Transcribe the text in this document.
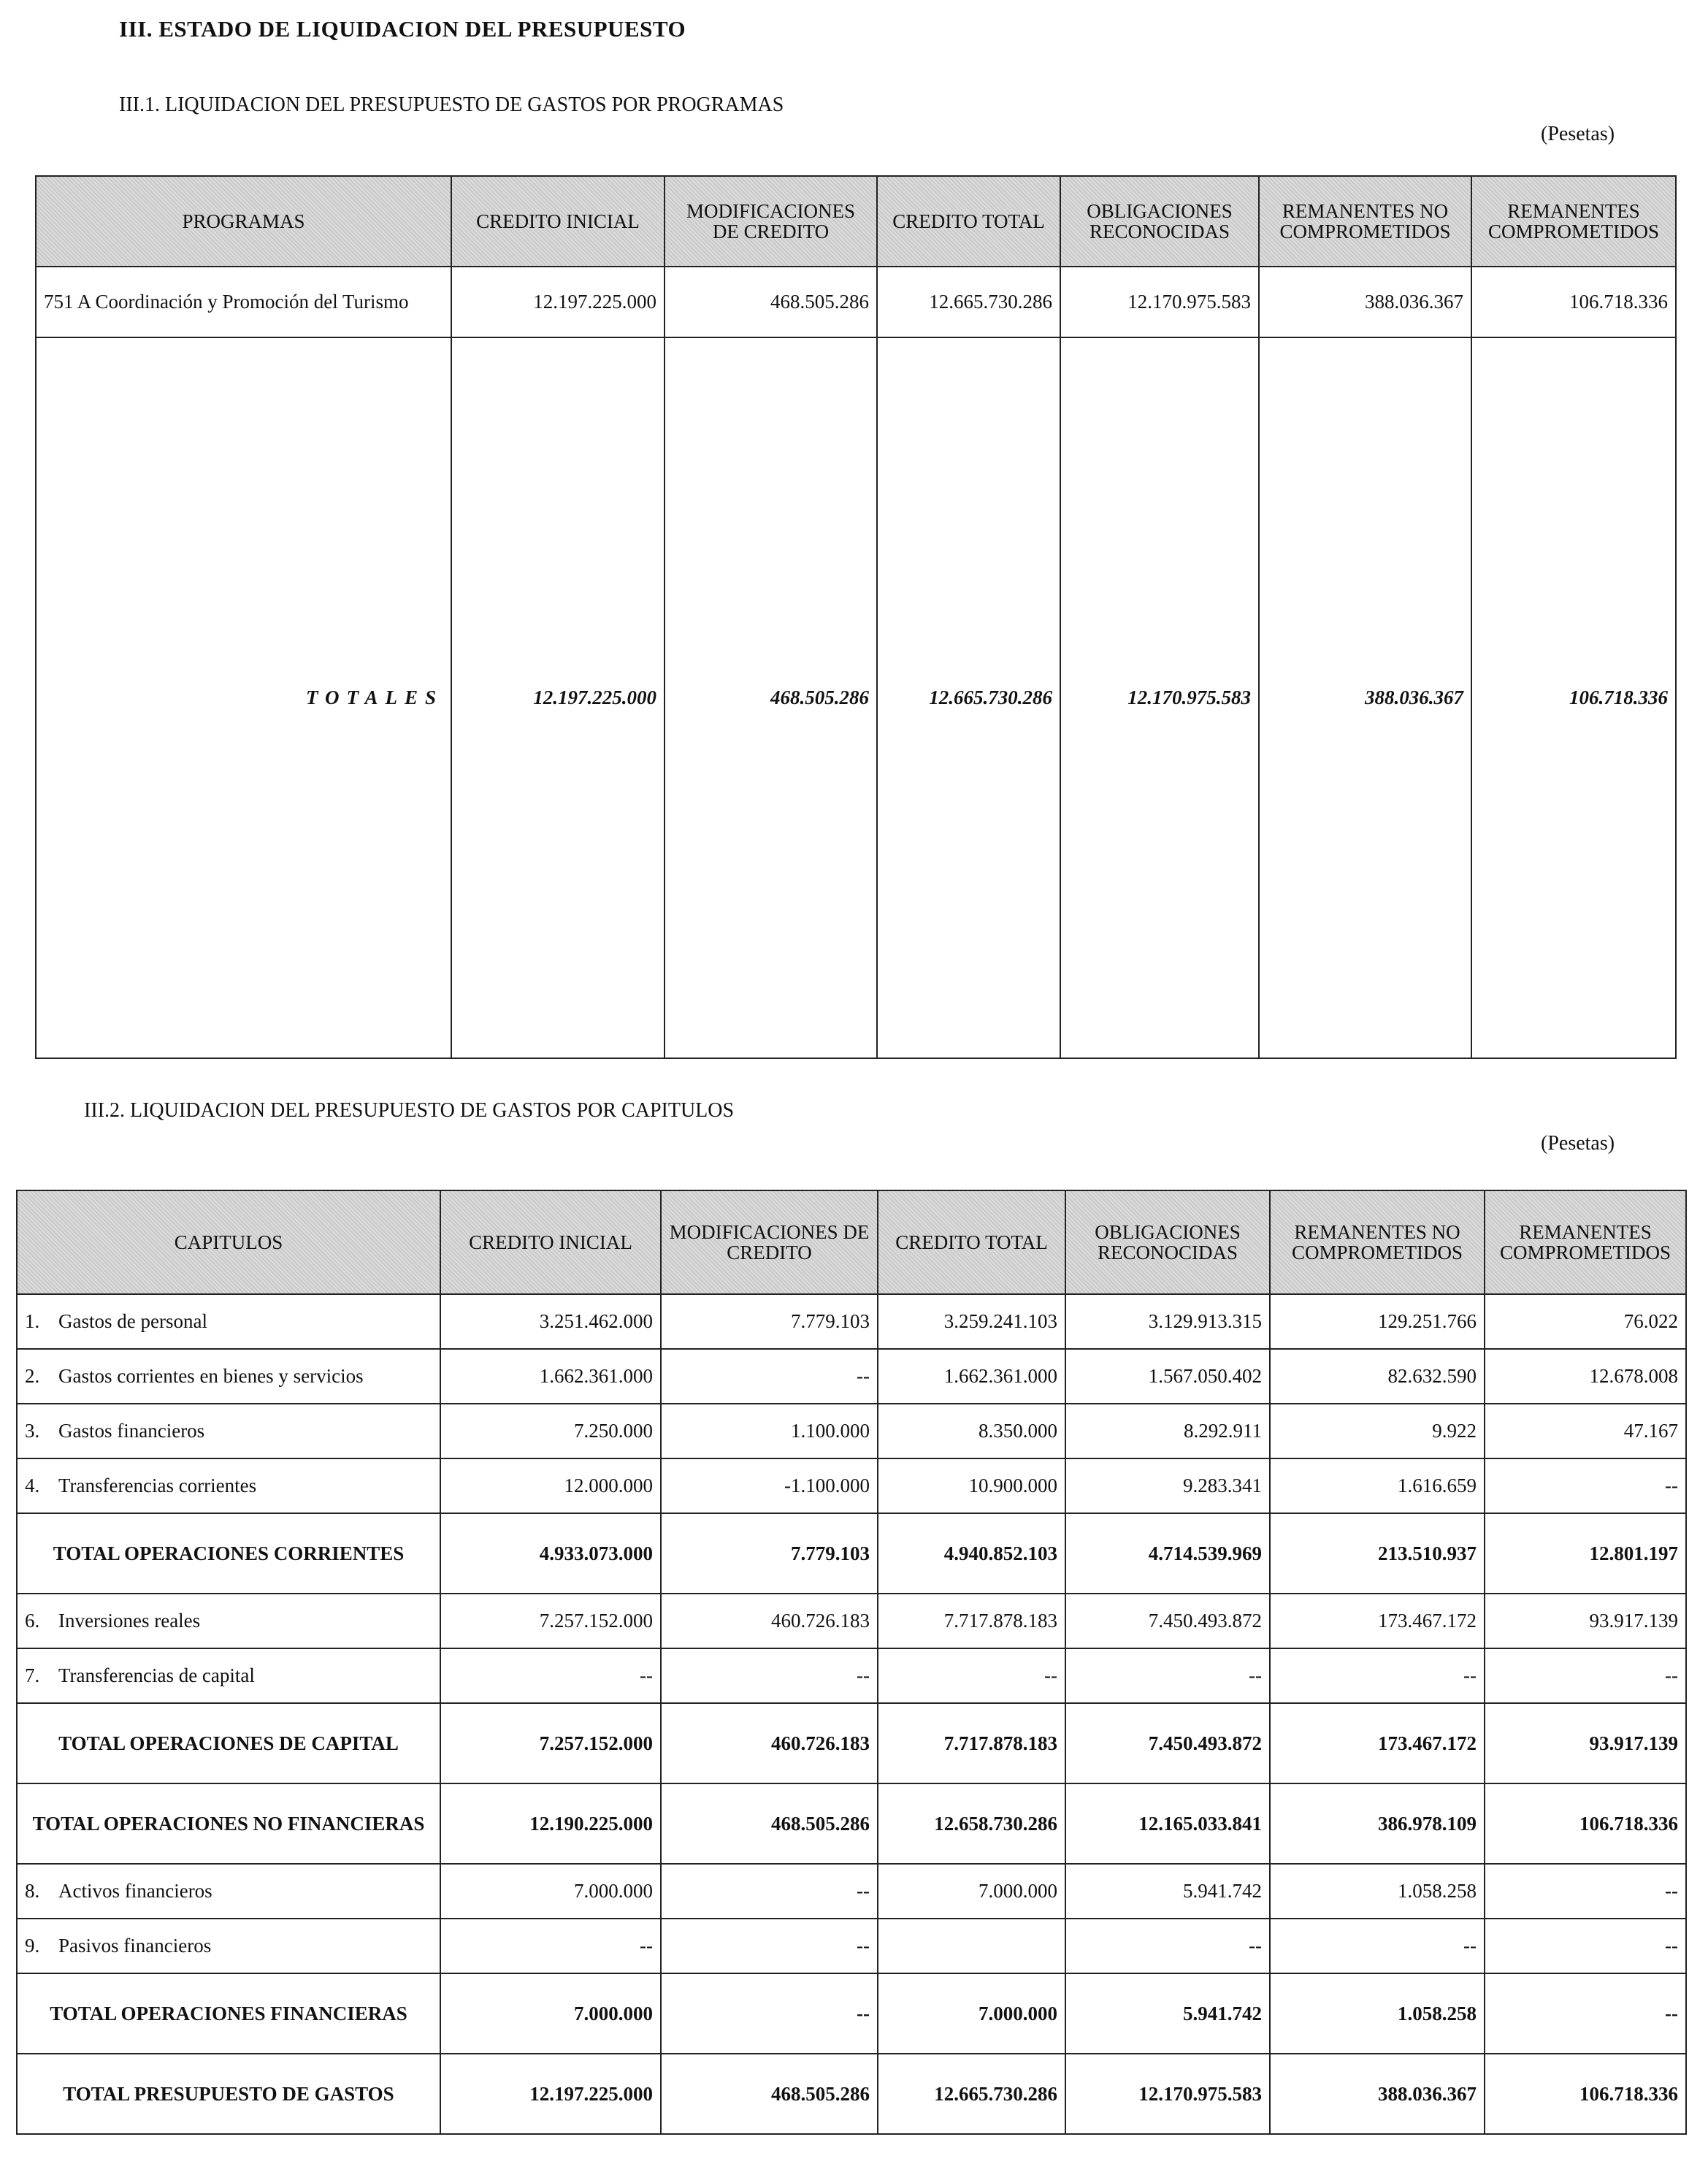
III. ESTADO DE LIQUIDACION DEL PRESUPUESTO
III.1. LIQUIDACION DEL PRESUPUESTO DE GASTOS POR PROGRAMAS
(Pesetas)
PROGRAMAS	CREDITO INICIAL	MODIFICACIONES DE CREDITO	CREDITO TOTAL	OBLIGACIONES RECONOCIDAS	REMANENTES NO COMPROMETIDOS	REMANENTES COMPROMETIDOS
751 A Coordinación y Promoción del Turismo	12.197.225.000	468.505.286	12.665.730.286	12.170.975.583	388.036.367	106.718.336
TOTALES	12.197.225.000	468.505.286	12.665.730.286	12.170.975.583	388.036.367	106.718.336
III.2. LIQUIDACION DEL PRESUPUESTO DE GASTOS POR CAPITULOS
(Pesetas)
CAPITULOS	CREDITO INICIAL	MODIFICACIONES DE CREDITO	CREDITO TOTAL	OBLIGACIONES RECONOCIDAS	REMANENTES NO COMPROMETIDOS	REMANENTES COMPROMETIDOS
1. Gastos de personal	3.251.462.000	7.779.103	3.259.241.103	3.129.913.315	129.251.766	76.022
2. Gastos corrientes en bienes y servicios	1.662.361.000	--	1.662.361.000	1.567.050.402	82.632.590	12.678.008
3. Gastos financieros	7.250.000	1.100.000	8.350.000	8.292.911	9.922	47.167
4. Transferencias corrientes	12.000.000	-1.100.000	10.900.000	9.283.341	1.616.659	--
TOTAL OPERACIONES CORRIENTES	4.933.073.000	7.779.103	4.940.852.103	4.714.539.969	213.510.937	12.801.197
6. Inversiones reales	7.257.152.000	460.726.183	7.717.878.183	7.450.493.872	173.467.172	93.917.139
7. Transferencias de capital	--	--	--	--	--	--
TOTAL OPERACIONES DE CAPITAL	7.257.152.000	460.726.183	7.717.878.183	7.450.493.872	173.467.172	93.917.139
TOTAL OPERACIONES NO FINANCIERAS	12.190.225.000	468.505.286	12.658.730.286	12.165.033.841	386.978.109	106.718.336
8. Activos financieros	7.000.000	--	7.000.000	5.941.742	1.058.258	--
9. Pasivos financieros	--	--		--	--	--
TOTAL OPERACIONES FINANCIERAS	7.000.000	--	7.000.000	5.941.742	1.058.258	--
TOTAL PRESUPUESTO DE GASTOS	12.197.225.000	468.505.286	12.665.730.286	12.170.975.583	388.036.367	106.718.336
